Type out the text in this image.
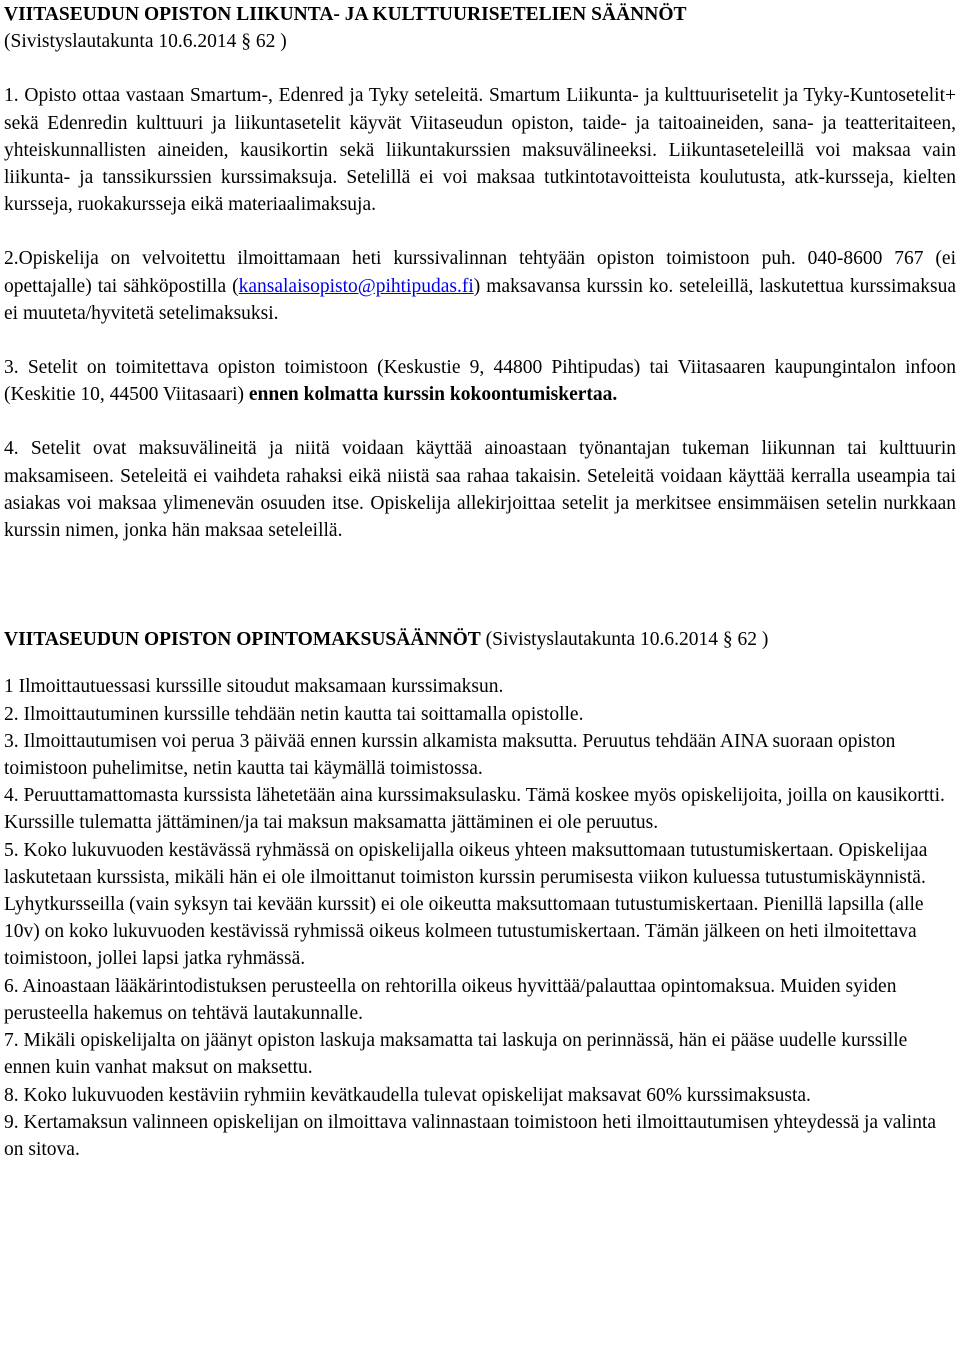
VIITASEUDUN OPISTON LIIKUNTA- JA KULTTUURISETELIEN SÄÄNNÖT
(Sivistyslautakunta 10.6.2014 § 62 )

1. Opisto ottaa vastaan Smartum-, Edenred ja Tyky seteleitä. Smartum Liikunta- ja kulttuurisetelit ja Tyky-Kuntosetelit+ sekä Edenredin kulttuuri ja liikuntasetelit käyvät Viitaseudun opiston, taide- ja taitoaineiden, sana- ja teatteritaiteen, yhteiskunnallisten aineiden, kausikortin sekä liikuntakurssien maksuvälineeksi. Liikuntaseteleillä voi maksaa vain liikunta- ja tanssikurssien kurssimaksuja. Setelillä ei voi maksaa tutkintotavoitteista koulutusta, atk-kursseja, kielten kursseja, ruokakursseja eikä materiaalimaksuja.

2.Opiskelija on velvoitettu ilmoittamaan heti kurssivalinnan tehtyään opiston toimistoon puh. 040-8600 767 (ei opettajalle) tai sähköpostilla (kansalaisopisto@pihtipudas.fi) maksavansa kurssin ko. seteleillä, laskutettua kurssimaksua ei muuteta/hyvitetä setelimaksuksi.

3. Setelit on toimitettava opiston toimistoon (Keskustie 9, 44800 Pihtipudas) tai Viitasaaren kaupungintalon infoon (Keskitie 10, 44500 Viitasaari) ennen kolmatta kurssin kokoontumiskertaa.

4. Setelit ovat maksuvälineitä ja niitä voidaan käyttää ainoastaan työnantajan tukeman liikunnan tai kulttuurin maksamiseen. Seteleitä ei vaihdeta rahaksi eikä niistä saa rahaa takaisin. Seteleitä voidaan käyttää kerralla useampia tai asiakas voi maksaa ylimenevän osuuden itse. Opiskelija allekirjoittaa setelit ja merkitsee ensimmäisen setelin nurkkaan kurssin nimen, jonka hän maksaa seteleillä.

VIITASEUDUN OPISTON OPINTOMAKSUSÄÄNNÖT (Sivistyslautakunta 10.6.2014 § 62 )

1 Ilmoittautuessasi kurssille sitoudut maksamaan kurssimaksun.

2. Ilmoittautuminen kurssille tehdään netin kautta tai soittamalla opistolle.

3. Ilmoittautumisen voi perua 3 päivää ennen kurssin alkamista maksutta. Peruutus tehdään AINA suoraan opiston toimistoon puhelimitse, netin kautta tai käymällä toimistossa.

4. Peruuttamattomasta kurssista lähetetään aina kurssimaksulasku. Tämä koskee myös opiskelijoita, joilla on kausikortti. Kurssille tulematta jättäminen/ja tai maksun maksamatta jättäminen ei ole peruutus.

5. Koko lukuvuoden kestävässä ryhmässä on opiskelijalla oikeus yhteen maksuttomaan tutustumiskertaan. Opiskelijaa laskutetaan kurssista, mikäli hän ei ole ilmoittanut toimiston kurssin perumisesta viikon kuluessa tutustumiskäynnistä. Lyhytkursseilla (vain syksyn tai kevään kurssit) ei ole oikeutta maksuttomaan tutustumiskertaan. Pienillä lapsilla (alle 10v) on koko lukuvuoden kestävissä ryhmissä oikeus kolmeen tutustumiskertaan. Tämän jälkeen on heti ilmoitettava toimistoon, jollei lapsi jatka ryhmässä.

6. Ainoastaan lääkärintodistuksen perusteella on rehtorilla oikeus hyvittää/palauttaa opintomaksua. Muiden syiden perusteella hakemus on tehtävä lautakunnalle.

7. Mikäli opiskelijalta on jäänyt opiston laskuja maksamatta tai laskuja on perinnässä, hän ei pääse uudelle kurssille ennen kuin vanhat maksut on maksettu.

8. Koko lukuvuoden kestäviin ryhmiin kevätkaudella tulevat opiskelijat maksavat 60% kurssimaksusta.

9. Kertamaksun valinneen opiskelijan on ilmoittava valinnastaan toimistoon heti ilmoittautumisen yhteydessä ja valinta on sitova.
